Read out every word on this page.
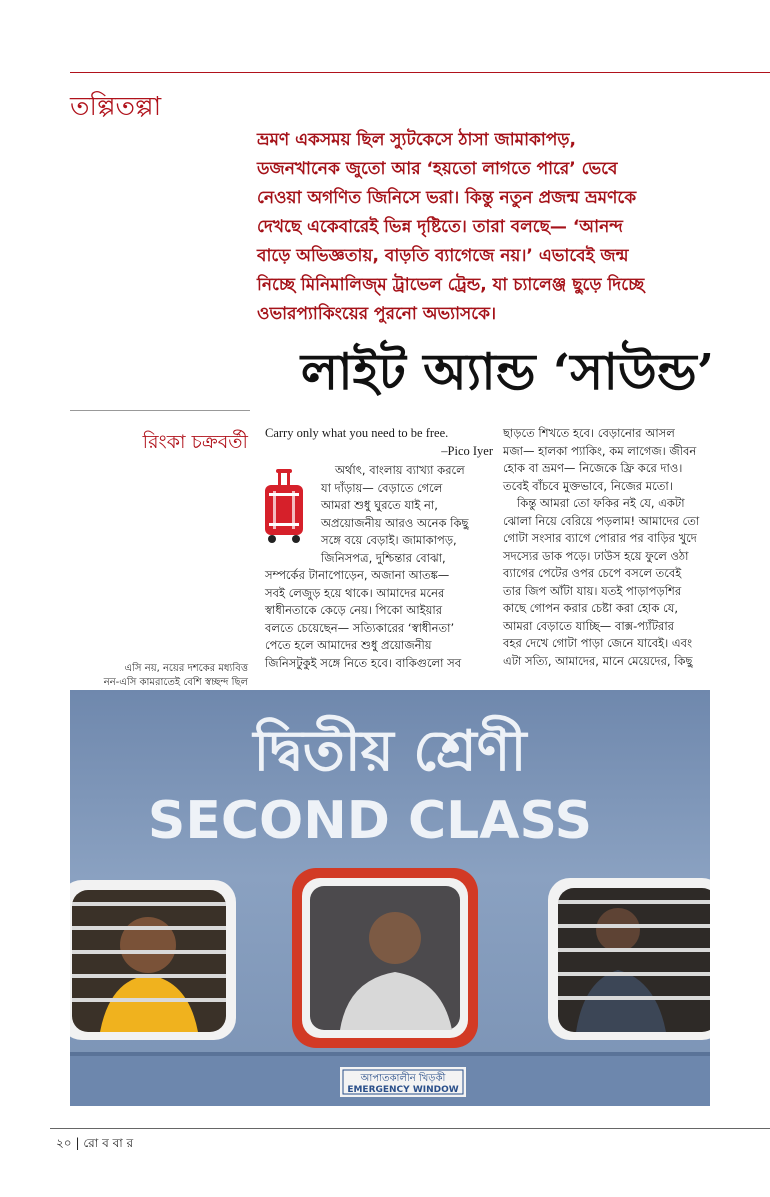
তল্পিতল্পা
ভ্রমণ একসময় ছিল স্যুটকেসে ঠাসা জামাকাপড়,
ডজনখানেক জুতো আর ‘হয়তো লাগতে পারে’ ভেবে
নেওয়া অগণিত জিনিসে ভরা। কিন্তু নতুন প্রজন্ম ভ্রমণকে
দেখছে একেবারেই ভিন্ন দৃষ্টিতে। তারা বলছে— ‘আনন্দ
বাড়ে অভিজ্ঞতায়, বাড়তি ব্যাগেজে নয়।’ এভাবেই জন্ম
নিচ্ছে মিনিমালিজ্‌ম ট্রাভেল ট্রেন্ড, যা চ্যালেঞ্জ ছুড়ে দিচ্ছে
ওভারপ্যাকিংয়ের পুরনো অভ্যাসকে।
লাইট অ্যান্ড ‘সাউন্ড’
রিংকা চক্রবর্তী
এসি নয়, নয়ের দশকের মধ্যবিত্ত
নন-এসি কামরাতেই বেশি স্বচ্ছন্দ ছিল

Carry only what you need to be free.

–Pico Iyer

অর্থাৎ, বাংলায় ব্যাখ্যা করলে
যা দাঁড়ায়— বেড়াতে গেলে
আমরা শুধু ঘুরতে যাই না,
অপ্রয়োজনীয় আরও অনেক কিছু
সঙ্গে বয়ে বেড়াই। জামাকাপড়,
জিনিসপত্র, দুশ্চিন্তার বোঝা,
সম্পর্কের টানাপোড়েন, অজানা আতঙ্ক—
সবই লেজুড় হয়ে থাকে। আমাদের মনের
স্বাধীনতাকে কেড়ে নেয়। পিকো আইয়ার
বলতে চেয়েছেন— সত্যিকারের ‘স্বাধীনতা’
পেতে হলে আমাদের শুধু প্রয়োজনীয়
জিনিসটুকুই সঙ্গে নিতে হবে। বাকিগুলো সব
ছাড়তে শিখতে হবে। বেড়ানোর আসল
মজা— হালকা প্যাকিং, কম লাগেজ। জীবন
হোক বা ভ্রমণ— নিজেকে ফ্রি করে দাও।
তবেই বাঁচবে মুক্তভাবে, নিজের মতো।
কিন্তু আমরা তো ফকির নই যে, একটা
ঝোলা নিয়ে বেরিয়ে পড়লাম! আমাদের তো
গোটা সংসার ব্যাগে পোরার পর বাড়ির খুদে
সদস্যের ডাক পড়ে। ঢাউস হয়ে ফুলে ওঠা
ব্যাগের পেটের ওপর চেপে বসলে তবেই
তার জিপ আঁটা যায়। যতই পাড়াপড়শির
কাছে গোপন করার চেষ্টা করা হোক যে,
আমরা বেড়াতে যাচ্ছি— বাক্স-প্যাঁটরার
বহর দেখে গোটা পাড়া জেনে যাবেই। এবং
এটা সত্যি, আমাদের, মানে মেয়েদের, কিছু
দ্বিতীয় শ্রেণী
SECOND CLASS
আপাতকালীন খিড়কী
EMERGENCY WINDOW
২০ | রো ব বা র
